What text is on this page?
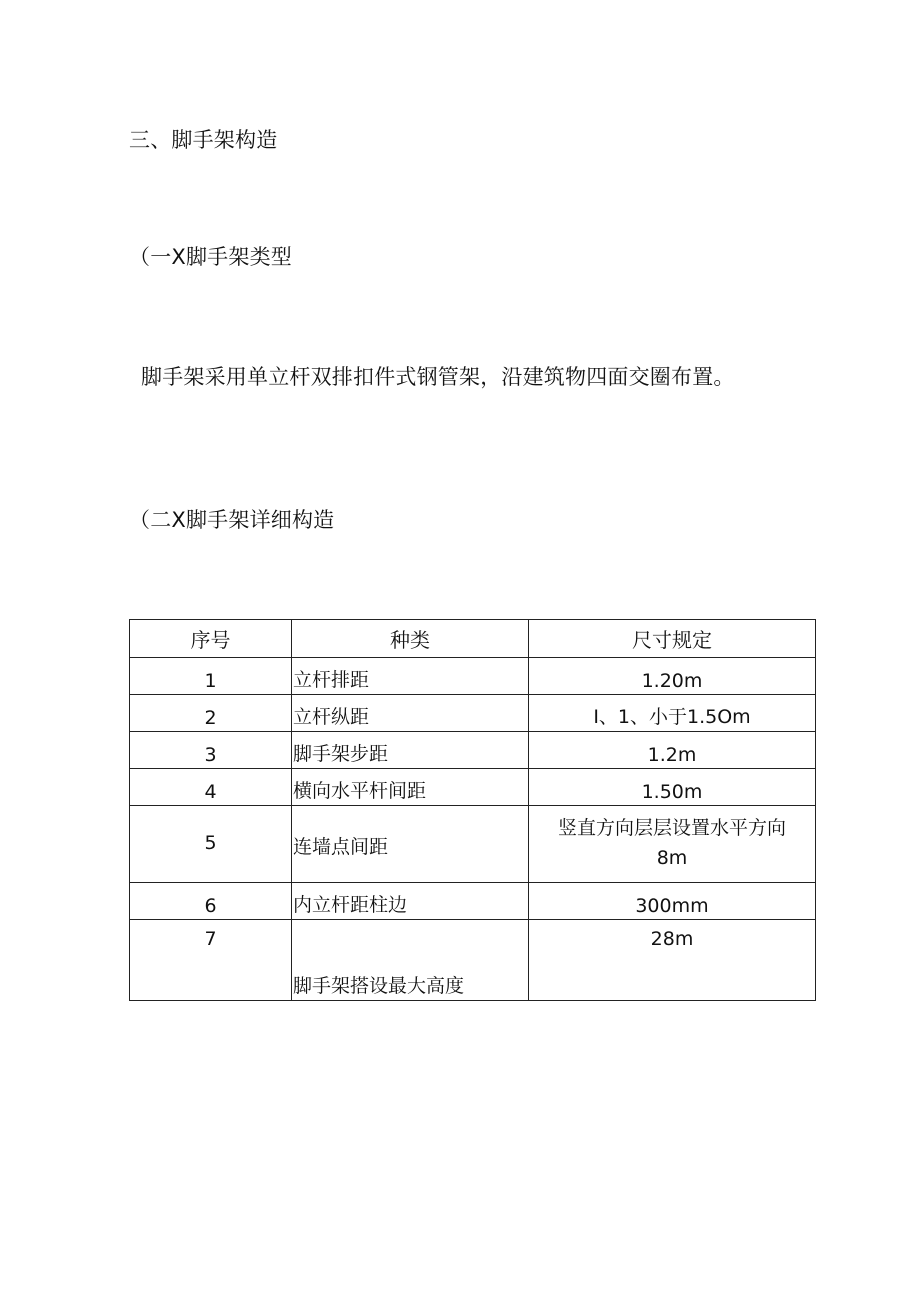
三、脚手架构造
（一X脚手架类型
脚手架采用单立杆双排扣件式钢管架，沿建筑物四面交圈布置。
（二X脚手架详细构造
序号	种类	尺寸规定
1	立杆排距	1.20m
2	立杆纵距	I、1、小于1.5Om
3	脚手架步距	1.2m
4	横向水平杆间距	1.50m
5	连墙点间距	竖直方向层层设置水平方向
8m

6	内立杆距柱边	300mm
7	脚手架搭设最大高度	28m
